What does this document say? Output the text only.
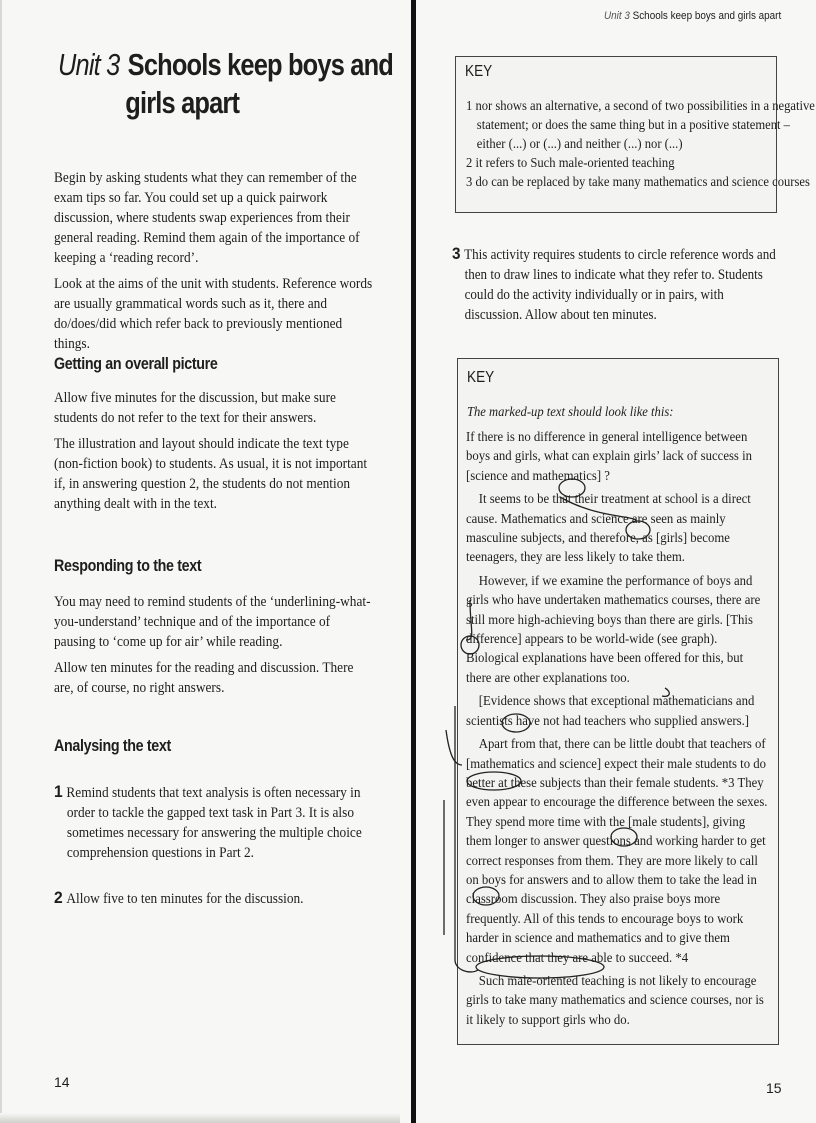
Unit 3 Schools keep boys and
girls apart

Begin by asking students what they can remember of the exam tips so far. You could set up a quick pairwork discussion, where students swap experiences from their general reading. Remind them again of the importance of keeping a ‘reading record’.

Look at the aims of the unit with students. Reference words are usually grammatical words such as it, there and do/does/did which refer back to previously mentioned things.

Getting an overall picture

Allow five minutes for the discussion, but make sure students do not refer to the text for their answers.

The illustration and layout should indicate the text type (non-fiction book) to students. As usual, it is not important if, in answering question 2, the students do not mention anything dealt with in the text.

Responding to the text

You may need to remind students of the ‘underlining-what-you-understand’ technique and of the importance of pausing to ‘come up for air’ while reading.

Allow ten minutes for the reading and discussion. There are, of course, no right answers.

Analysing the text

1 Remind students that text analysis is often necessary in order to tackle the gapped text task in Part 3. It is also sometimes necessary for answering the multiple choice comprehension questions in Part 2.

2 Allow five to ten minutes for the discussion.

14
Unit 3 Schools keep boys and girls apart
KEY
1 nor shows an alternative, a second of two possibilities in a negative
statement; or does the same thing but in a positive statement –
either (...) or (...) and neither (...) nor (...)
2 it refers to Such male-oriented teaching
3 do can be replaced by take many mathematics and science courses

3 This activity requires students to circle reference words and then to draw lines to indicate what they refer to. Students could do the activity individually or in pairs, with discussion. Allow about ten minutes.

KEY
The marked-up text should look like this:

If there is no difference in general intelligence between boys and girls, what can explain girls’ lack of success in [science and mathematics] ?

It seems to be that their treatment at school is a direct cause. Mathematics and science are seen as mainly masculine subjects, and therefore, as [girls] become teenagers, they are less likely to take them.

However, if we examine the performance of boys and girls who have undertaken mathematics courses, there are still more high-achieving boys than there are girls. [This difference] appears to be world-wide (see graph). Biological explanations have been offered for this, but there are other explanations too.

[Evidence shows that exceptional mathematicians and scientists have not had teachers who supplied answers.]

Apart from that, there can be little doubt that teachers of [mathematics and science] expect their male students to do better at these subjects than their female students. *3 They even appear to encourage the difference between the sexes. They spend more time with the [male students], giving them longer to answer questions and working harder to get correct responses from them. They are more likely to call on boys for answers and to allow them to take the lead in classroom discussion. They also praise boys more frequently. All of this tends to encourage boys to work harder in science and mathematics and to give them confidence that they are able to succeed. *4

Such male-oriented teaching is not likely to encourage girls to take many mathematics and science courses, nor is it likely to support girls who do.

15
